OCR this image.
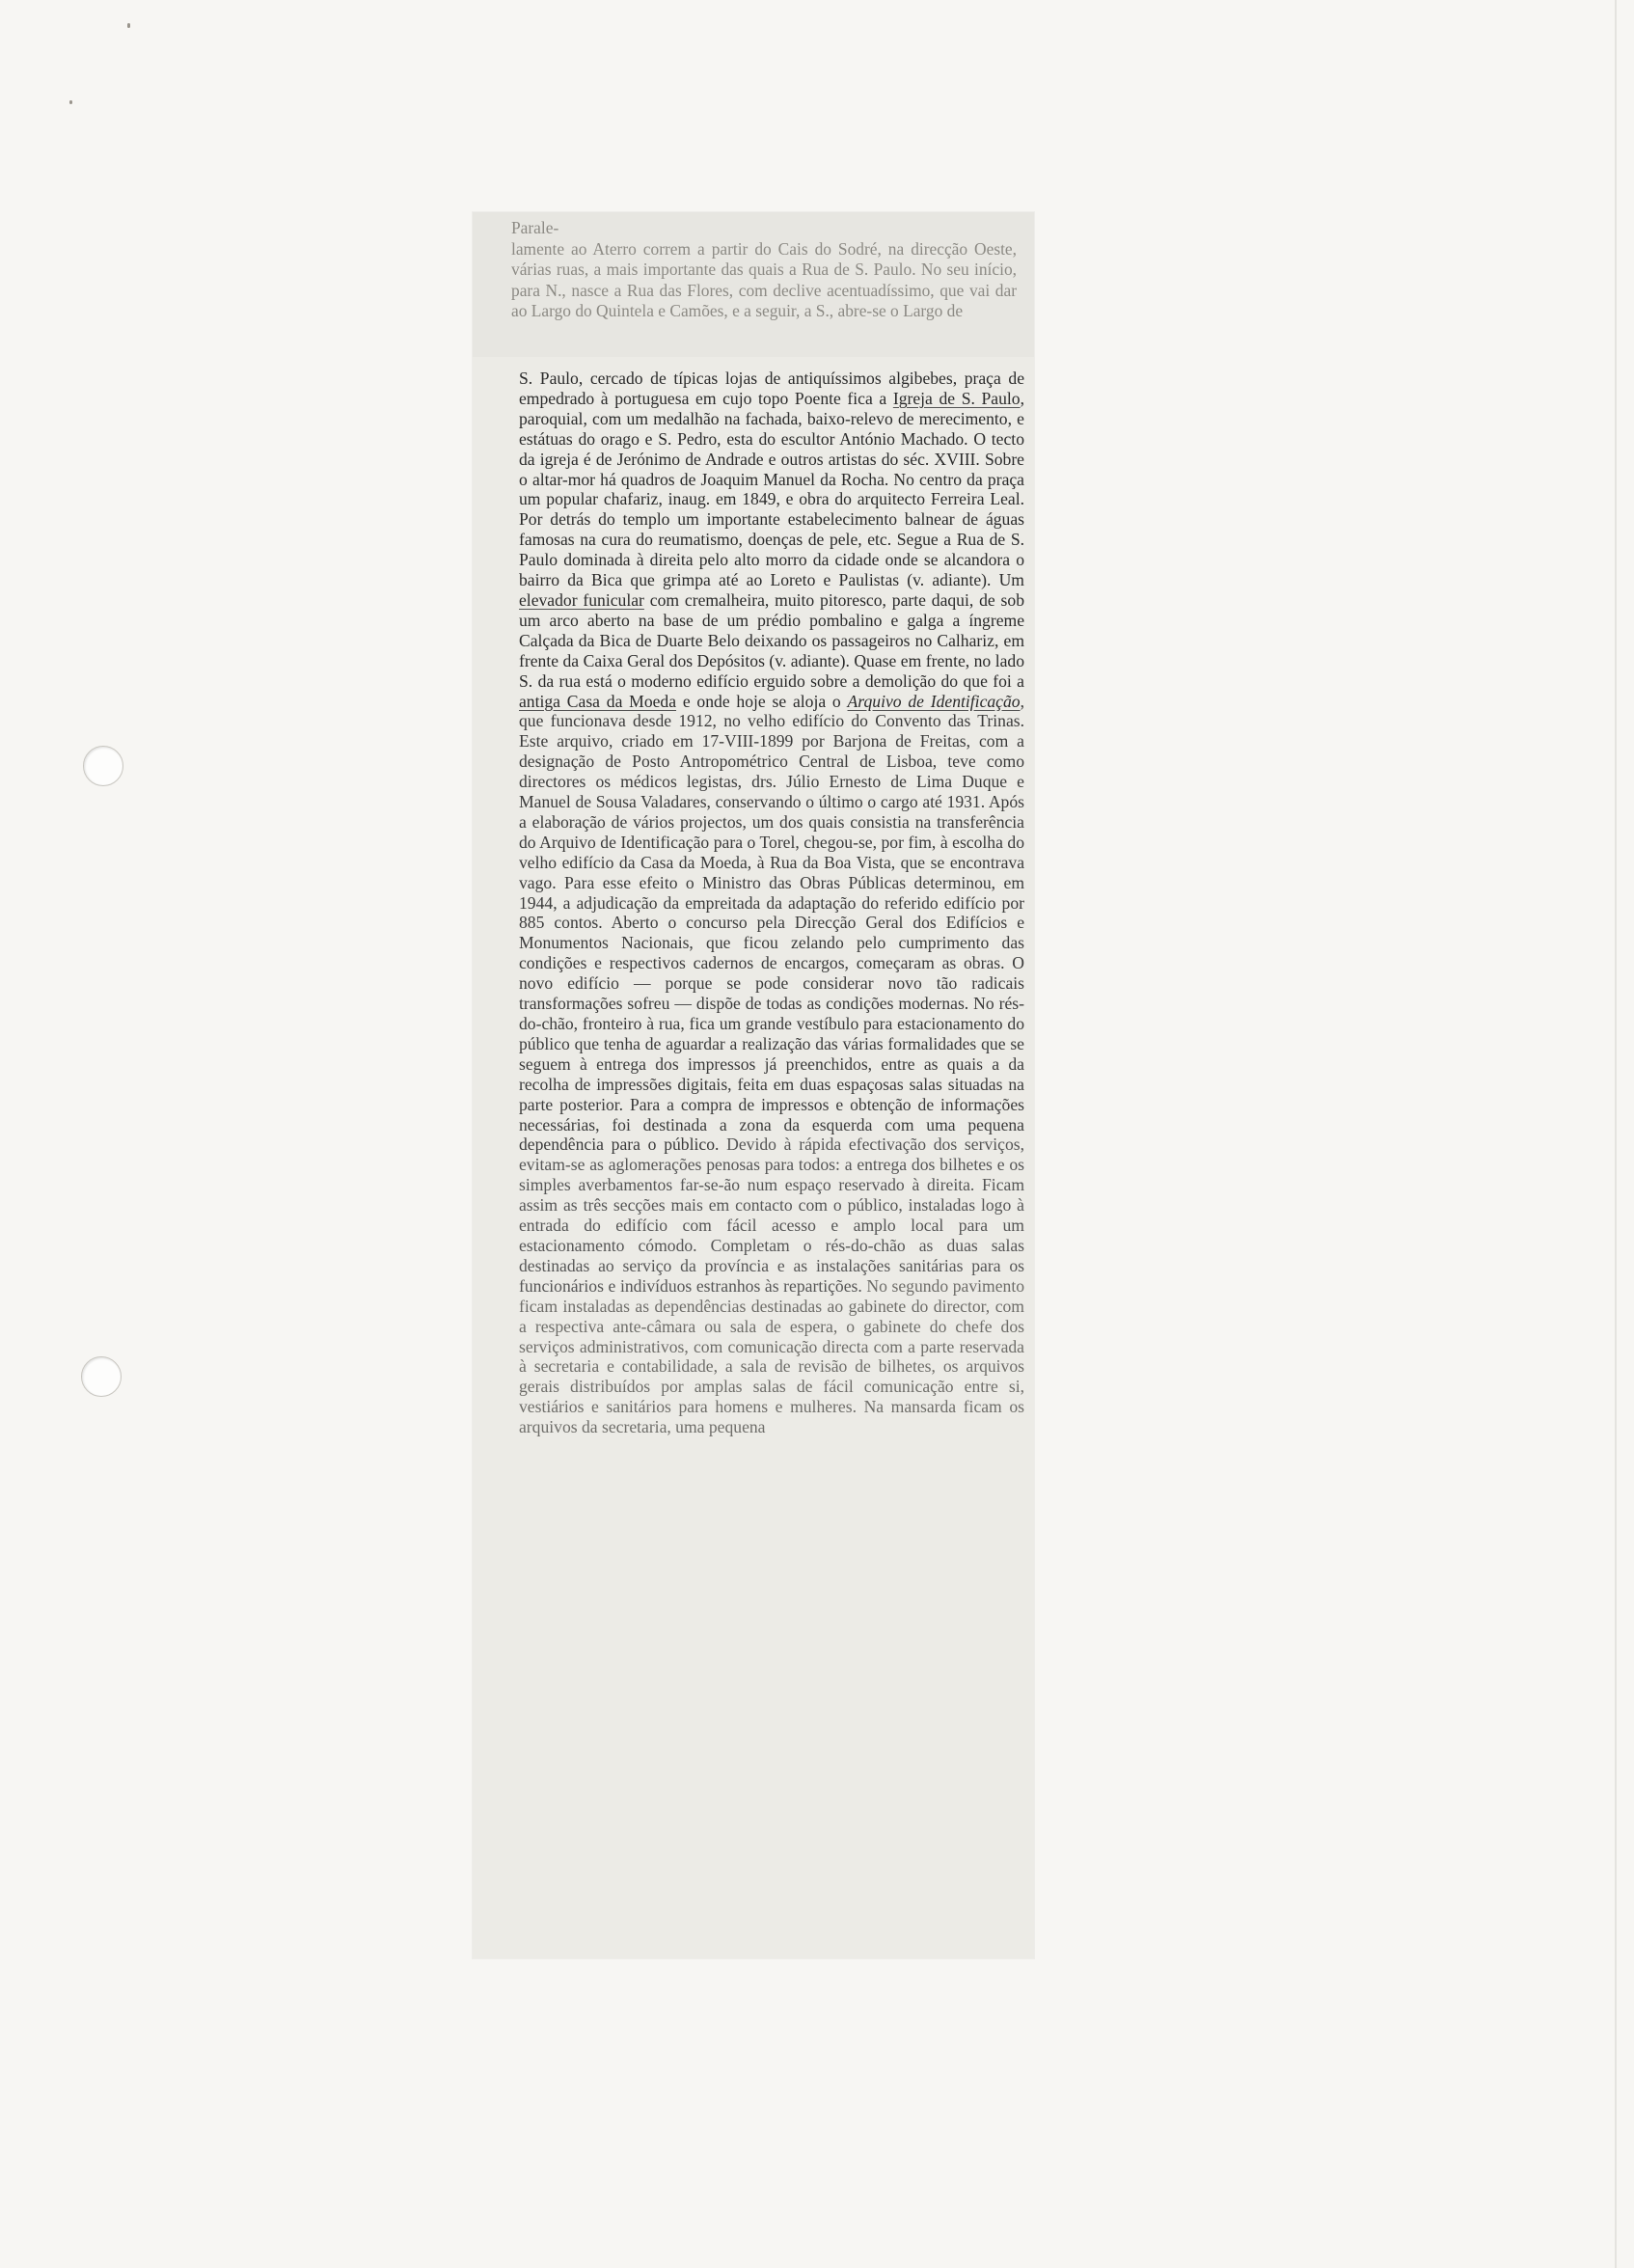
Parale-
lamente ao Aterro correm a partir do Cais do Sodré, na direcção Oeste, várias ruas, a mais importante das quais a Rua de S. Paulo. No seu início, para N., nasce a Rua das Flores, com declive acentuadíssimo, que vai dar ao Largo do Quintela e Camões, e a seguir, a S., abre-se o Largo de

S. Paulo, cercado de típicas lojas de antiquíssimos algibebes, praça de empedrado à portuguesa em cujo topo Poente fica a Igreja de S. Paulo, paroquial, com um medalhão na fachada, baixo-relevo de merecimento, e estátuas do orago e S. Pedro, esta do escultor António Machado. O tecto da igreja é de Jerónimo de Andrade e outros artistas do séc. XVIII. Sobre o altar-mor há quadros de Joaquim Manuel da Rocha. No centro da praça um popular chafariz, inaug. em 1849, e obra do arquitecto Ferreira Leal. Por detrás do templo um importante estabelecimento balnear de águas famosas na cura do reumatismo, doenças de pele, etc. Segue a Rua de S. Paulo dominada à direita pelo alto morro da cidade onde se alcandora o bairro da Bica que grimpa até ao Loreto e Paulistas (v. adiante). Um elevador funicular com cremalheira, muito pitoresco, parte daqui, de sob um arco aberto na base de um prédio pombalino e galga a íngreme Calçada da Bica de Duarte Belo deixando os passageiros no Calhariz, em frente da Caixa Geral dos Depósitos (v. adiante). Quase em frente, no lado S. da rua está o moderno edifício erguido sobre a demolição do que foi a antiga Casa da Moeda e onde hoje se aloja o Arquivo de Identificação, que funcionava desde 1912, no velho edifício do Convento das Trinas. Este arquivo, criado em 17-VIII-1899 por Barjona de Freitas, com a designação de Posto Antropométrico Central de Lisboa, teve como directores os médicos legistas, drs. Júlio Ernesto de Lima Duque e Manuel de Sousa Valadares, conservando o último o cargo até 1931. Após a elaboração de vários projectos, um dos quais consistia na transferência do Arquivo de Identificação para o Torel, chegou-se, por fim, à escolha do velho edifício da Casa da Moeda, à Rua da Boa Vista, que se encontrava vago. Para esse efeito o Ministro das Obras Públicas determinou, em 1944, a adjudicação da empreitada da adaptação do referido edifício por 885 contos. Aberto o concurso pela Direcção Geral dos Edifícios e Monumentos Nacionais, que ficou zelando pelo cumprimento das condições e respectivos cadernos de encargos, começaram as obras. O novo edifício — porque se pode considerar novo tão radicais transformações sofreu — dispõe de todas as condições modernas. No rés-do-chão, fronteiro à rua, fica um grande vestíbulo para estacionamento do público que tenha de aguardar a realização das várias formalidades que se seguem à entrega dos impressos já preenchidos, entre as quais a da recolha de impressões digitais, feita em duas espaçosas salas situadas na parte posterior. Para a compra de impressos e obtenção de informações necessárias, foi destinada a zona da esquerda com uma pequena dependência para o público. Devido à rápida efectivação dos serviços, evitam-se as aglomerações penosas para todos: a entrega dos bilhetes e os simples averbamentos far-se-ão num espaço reservado à direita. Ficam assim as três secções mais em contacto com o público, instaladas logo à entrada do edifício com fácil acesso e amplo local para um estacionamento cómodo. Completam o rés-do-chão as duas salas destinadas ao serviço da província e as instalações sanitárias para os funcionários e indivíduos estranhos às repartições. No segundo pavimento ficam instaladas as dependências destinadas ao gabinete do director, com a respectiva ante-câmara ou sala de espera, o gabinete do chefe dos serviços administrativos, com comunicação directa com a parte reservada à secretaria e contabilidade, a sala de revisão de bilhetes, os arquivos gerais distribuídos por amplas salas de fácil comunicação entre si, vestiários e sanitários para homens e mulheres. Na mansarda ficam os arquivos da secretaria, uma pequena
